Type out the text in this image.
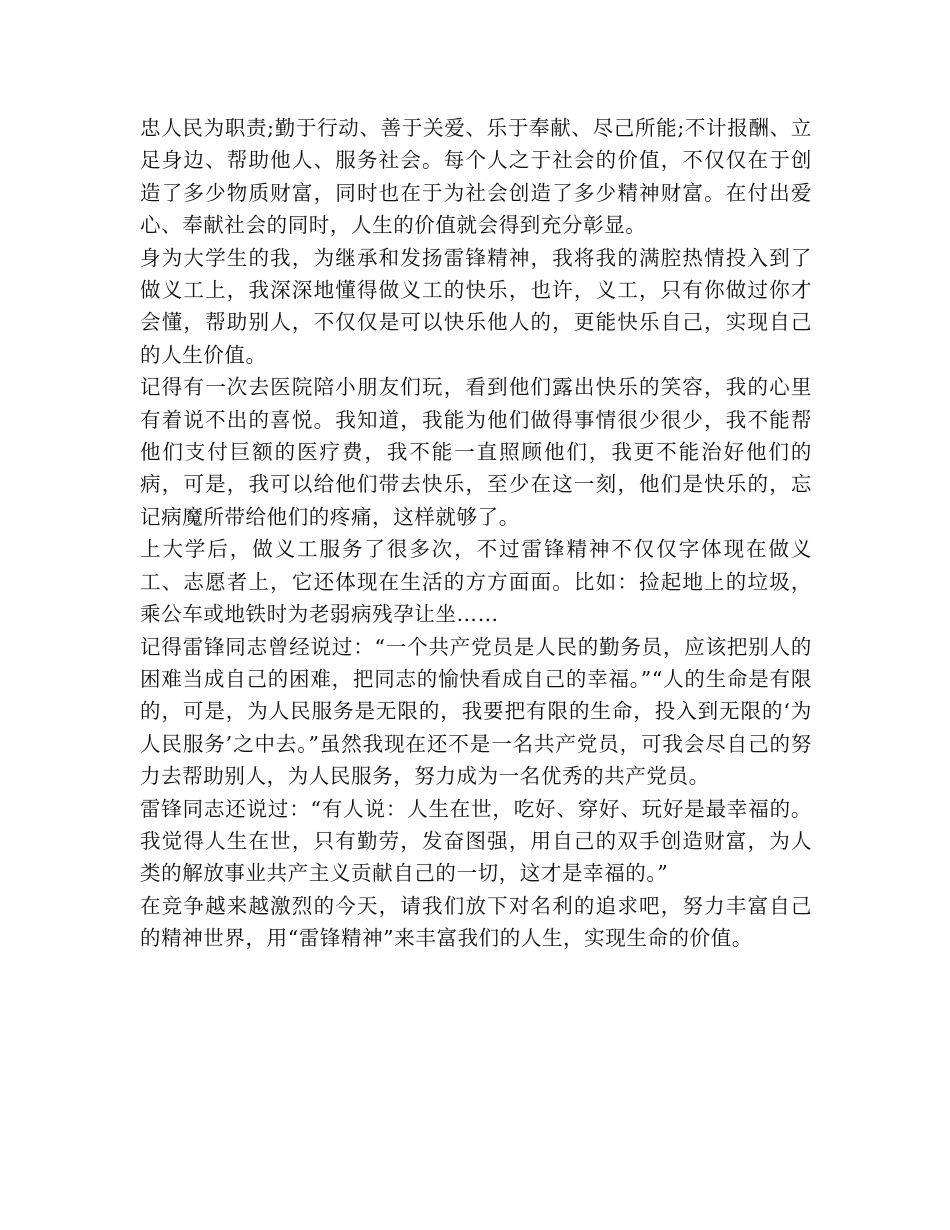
忠人民为职责;勤于行动、善于关爱、乐于奉献、尽己所能;不计报酬、立足身边、帮助他人、服务社会。每个人之于社会的价值，不仅仅在于创造了多少物质财富，同时也在于为社会创造了多少精神财富。在付出爱心、奉献社会的同时，人生的价值就会得到充分彰显。

身为大学生的我，为继承和发扬雷锋精神，我将我的满腔热情投入到了做义工上，我深深地懂得做义工的快乐，也许，义工，只有你做过你才会懂，帮助别人，不仅仅是可以快乐他人的，更能快乐自己，实现自己的人生价值。

记得有一次去医院陪小朋友们玩，看到他们露出快乐的笑容，我的心里有着说不出的喜悦。我知道，我能为他们做得事情很少很少，我不能帮他们支付巨额的医疗费，我不能一直照顾他们，我更不能治好他们的病，可是，我可以给他们带去快乐，至少在这一刻，他们是快乐的，忘记病魔所带给他们的疼痛，这样就够了。

上大学后，做义工服务了很多次，不过雷锋精神不仅仅字体现在做义工、志愿者上，它还体现在生活的方方面面。比如：捡起地上的垃圾，乘公车或地铁时为老弱病残孕让坐……

记得雷锋同志曾经说过：“一个共产党员是人民的勤务员，应该把别人的困难当成自己的困难，把同志的愉快看成自己的幸福。”“人的生命是有限的，可是，为人民服务是无限的，我要把有限的生命，投入到无限的‘为人民服务’之中去。”虽然我现在还不是一名共产党员，可我会尽自己的努力去帮助别人，为人民服务，努力成为一名优秀的共产党员。

雷锋同志还说过：“有人说：人生在世，吃好、穿好、玩好是最幸福的。我觉得人生在世，只有勤劳，发奋图强，用自己的双手创造财富，为人类的解放事业共产主义贡献自己的一切，这才是幸福的。”

在竞争越来越激烈的今天，请我们放下对名利的追求吧，努力丰富自己的精神世界，用“雷锋精神”来丰富我们的人生，实现生命的价值。
